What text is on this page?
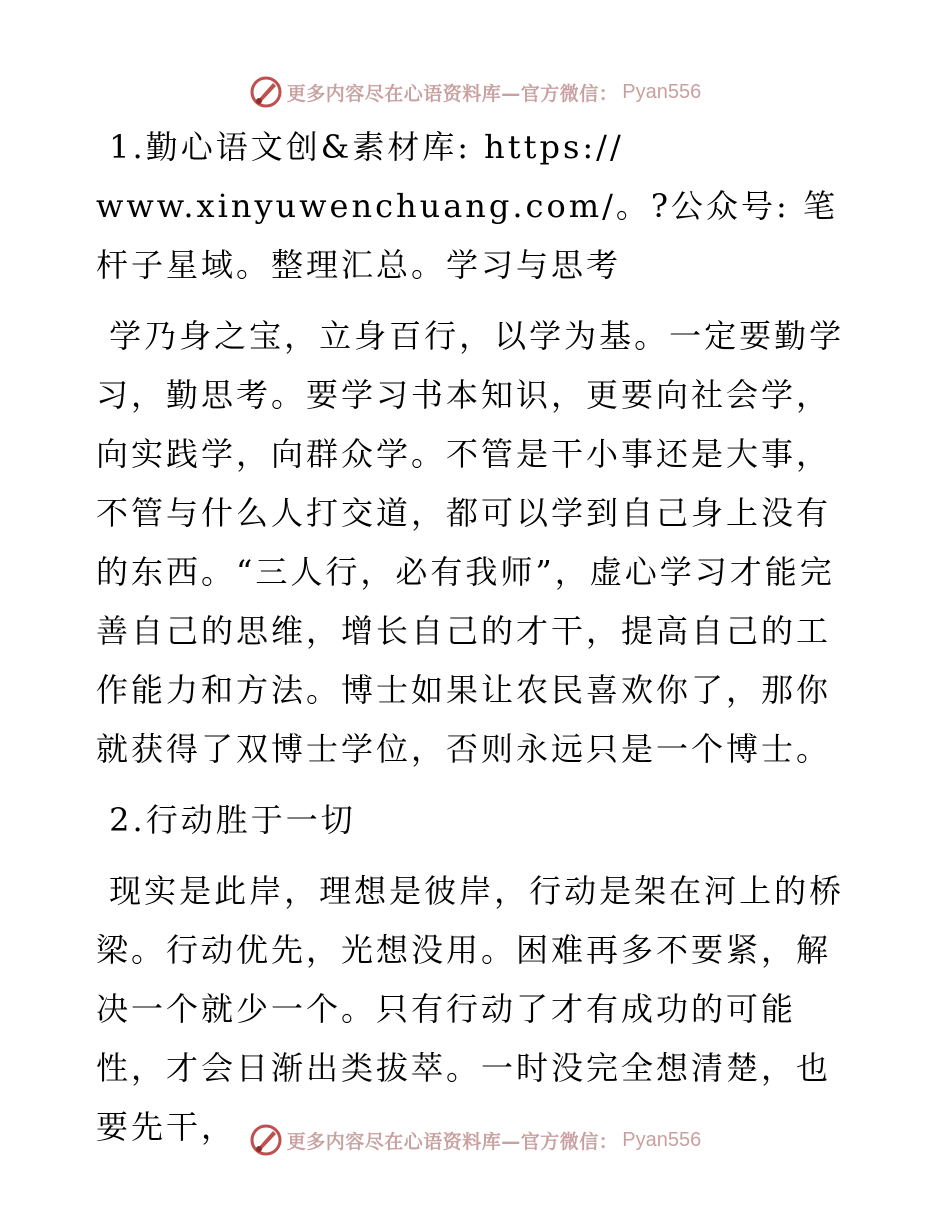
更多内容尽在心语资料库—官方微信： Pyan556

1.勤心语文创&素材库: https://
www.xinyuwenchuang.com/。?公众号: 笔杆子星域。整理汇总。学习与思考

学乃身之宝，立身百行，以学为基。一定要勤学习，勤思考。要学习书本知识，更要向社会学，向实践学，向群众学。不管是干小事还是大事，不管与什么人打交道，都可以学到自己身上没有的东西。“三人行，必有我师”，虚心学习才能完善自己的思维，增长自己的才干，提高自己的工作能力和方法。博士如果让农民喜欢你了，那你就获得了双博士学位，否则永远只是一个博士。

2.行动胜于一切

现实是此岸，理想是彼岸，行动是架在河上的桥梁。行动优先，光想没用。困难再多不要紧，解决一个就少一个。只有行动了才有成功的可能性，才会日渐出类拔萃。一时没完全想清楚，也要先干，	更多内容尽在心语资料库—官方微信： Pyan556
